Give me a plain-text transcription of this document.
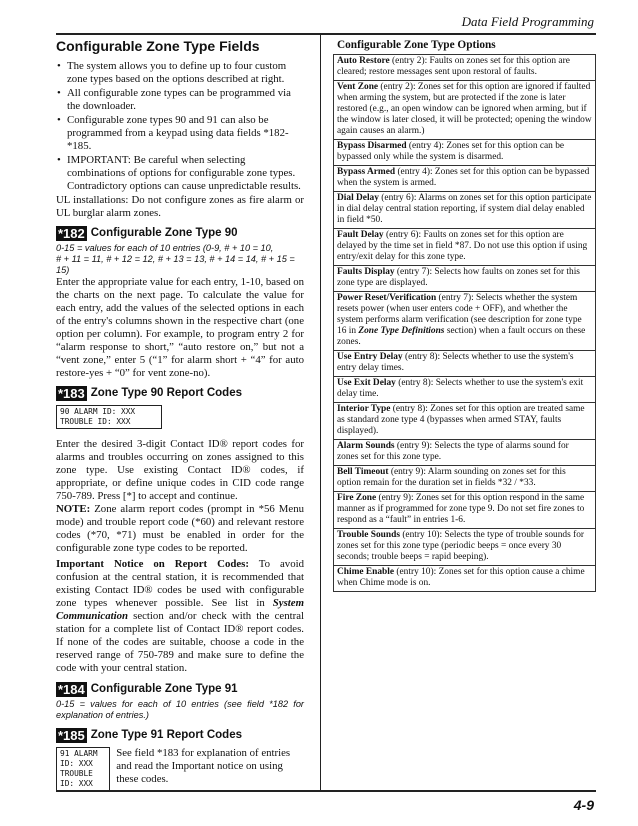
Data Field Programming
Configurable Zone Type Fields
• The system allows you to define up to four custom zone types based on the options described at right.
• All configurable zone types can be programmed via the downloader.
• Configurable zone types 90 and 91 can also be programmed from a keypad using data fields *182-*185.
• IMPORTANT: Be careful when selecting combinations of options for configurable zone types. Contradictory options can cause unpredictable results.

UL installations: Do not configure zones as fire alarm or UL burglar alarm zones.

*182 Configurable Zone Type 90
0-15 = values for each of 10 entries (0-9, # + 10 = 10,
# + 11 = 11, # + 12 = 12, # + 13 = 13, # + 14 = 14, # + 15 = 15)

Enter the appropriate value for each entry, 1-10, based on the charts on the next page. To calculate the value for each entry, add the values of the selected options in each of the entry's columns shown in the respective chart (one option per column). For example, to program entry 2 for “alarm response to short,” “auto restore on,” but not a “vent zone,” enter 5 (“1” for alarm short + “4” for auto restore-yes + “0” for vent zone-no).

*183 Zone Type 90 Report Codes
90 ALARM ID: XXX
TROUBLE ID: XXX

Enter the desired 3-digit Contact ID® report codes for alarms and troubles occurring on zones assigned to this zone type. Use existing Contact ID® codes, if appropriate, or define unique codes in CID code range 750-789. Press [*] to accept and continue.

NOTE: Zone alarm report codes (prompt in *56 Menu mode) and trouble report code (*60) and relevant restore codes (*70, *71) must be enabled in order for the configurable zone type codes to be reported.

Important Notice on Report Codes: To avoid confusion at the central station, it is recommended that existing Contact ID® codes be used with configurable zone types whenever possible. See list in System Communication section and/or check with the central station for a complete list of Contact ID® report codes. If none of the codes are suitable, choose a code in the reserved range of 750-789 and make sure to define the code with your central station.

*184 Configurable Zone Type 91
0-15 = values for each of 10 entries (see field *182 for explanation of entries.)
*185 Zone Type 91 Report Codes
91 ALARM ID: XXX
TROUBLE ID: XXX
See field *183 for explanation of entries and read the Important notice on using these codes.
Configurable Zone Type Options
Auto Restore (entry 2): Faults on zones set for this option are cleared; restore messages sent upon restoral of faults.
Vent Zone (entry 2): Zones set for this option are ignored if faulted when arming the system, but are protected if the zone is later restored (e.g., an open window can be ignored when arming, but if the window is later closed, it will be protected; opening the window again causes an alarm.)
Bypass Disarmed (entry 4): Zones set for this option can be bypassed only while the system is disarmed.
Bypass Armed (entry 4): Zones set for this option can be bypassed when the system is armed.
Dial Delay (entry 6): Alarms on zones set for this option participate in dial delay central station reporting, if system dial delay enabled in field *50.
Fault Delay (entry 6): Faults on zones set for this option are delayed by the time set in field *87. Do not use this option if using entry/exit delay for this zone type.
Faults Display (entry 7): Selects how faults on zones set for this zone type are displayed.
Power Reset/Verification (entry 7): Selects whether the system resets power (when user enters code + OFF), and whether the system performs alarm verification (see description for zone type 16 in Zone Type Definitions section) when a fault occurs on these zones.
Use Entry Delay (entry 8): Selects whether to use the system's entry delay times.
Use Exit Delay (entry 8): Selects whether to use the system's exit delay time.
Interior Type (entry 8): Zones set for this option are treated same as standard zone type 4 (bypasses when armed STAY, faults displayed).
Alarm Sounds (entry 9): Selects the type of alarms sound for zones set for this zone type.
Bell Timeout (entry 9): Alarm sounding on zones set for this option remain for the duration set in fields *32 / *33.
Fire Zone (entry 9): Zones set for this option respond in the same manner as if programmed for zone type 9. Do not set fire zones to respond as a “fault” in entries 1-6.
Trouble Sounds (entry 10): Selects the type of trouble sounds for zones set for this zone type (periodic beeps = once every 30 seconds; trouble beeps = rapid beeping).
Chime Enable (entry 10): Zones set for this option cause a chime when Chime mode is on.
4-9
